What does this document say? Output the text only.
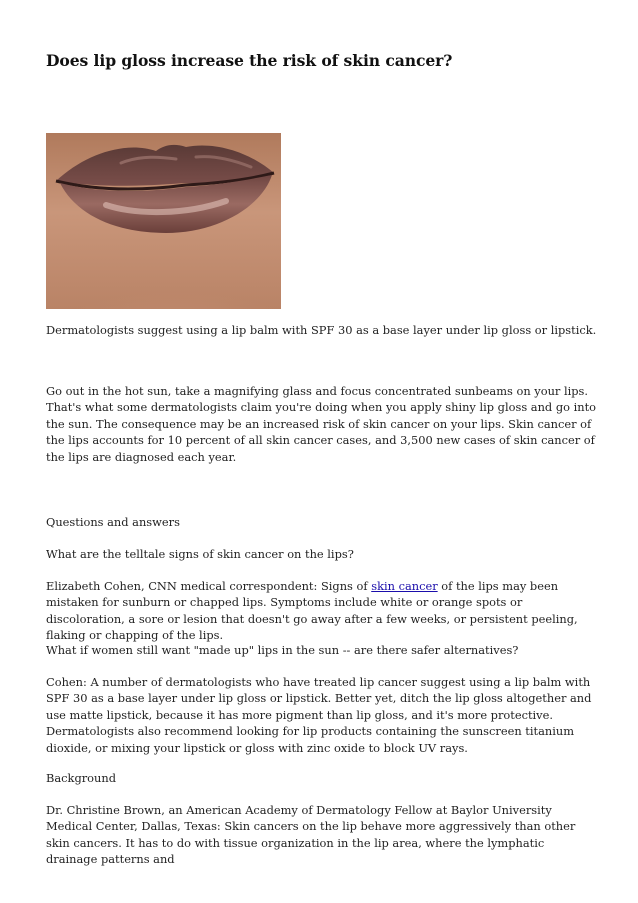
Does lip gloss increase the risk of skin cancer?

Dermatologists suggest using a lip balm with SPF 30 as a base layer under lip gloss or lipstick.

Go out in the hot sun, take a magnifying glass and focus concentrated sunbeams on your lips. That's what some dermatologists claim you're doing when you apply shiny lip gloss and go into the sun. The consequence may be an increased risk of skin cancer on your lips. Skin cancer of the lips accounts for 10 percent of all skin cancer cases, and 3,500 new cases of skin cancer of the lips are diagnosed each year.

Questions and answers

What are the telltale signs of skin cancer on the lips?

Elizabeth Cohen, CNN medical correspondent: Signs of skin cancer of the lips may been mistaken for sunburn or chapped lips. Symptoms include white or orange spots or discoloration, a sore or lesion that doesn't go away after a few weeks, or persistent peeling, flaking or chapping of the lips.

What if women still want "made up" lips in the sun -- are there safer alternatives?

Cohen: A number of dermatologists who have treated lip cancer suggest using a lip balm with SPF 30 as a base layer under lip gloss or lipstick. Better yet, ditch the lip gloss altogether and use matte lipstick, because it has more pigment than lip gloss, and it's more protective. Dermatologists also recommend looking for lip products containing the sunscreen titanium dioxide, or mixing your lipstick or gloss with zinc oxide to block UV rays.

Background

Dr. Christine Brown, an American Academy of Dermatology Fellow at Baylor University Medical Center, Dallas, Texas: Skin cancers on the lip behave more aggressively than other skin cancers. It has to do with tissue organization in the lip area, where the lymphatic drainage patterns and
